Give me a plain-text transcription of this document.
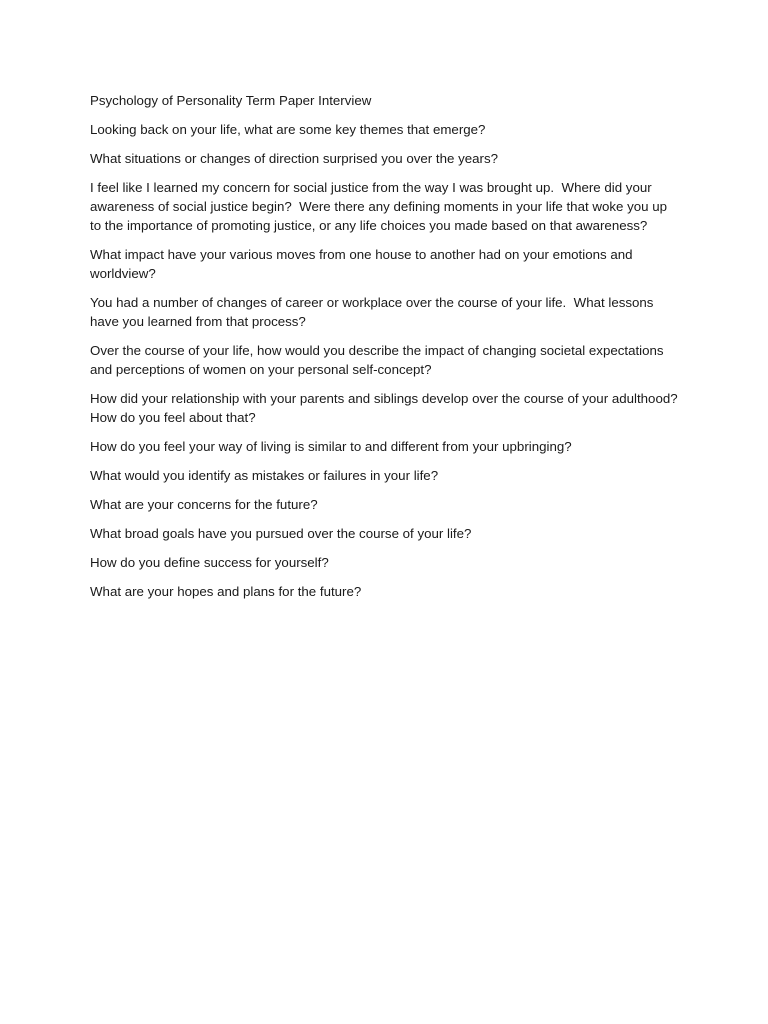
Psychology of Personality Term Paper Interview

Looking back on your life, what are some key themes that emerge?

What situations or changes of direction surprised you over the years?

I feel like I learned my concern for social justice from the way I was brought up.  Where did your awareness of social justice begin?  Were there any defining moments in your life that woke you up to the importance of promoting justice, or any life choices you made based on that awareness?

What impact have your various moves from one house to another had on your emotions and worldview?

You had a number of changes of career or workplace over the course of your life.  What lessons have you learned from that process?

Over the course of your life, how would you describe the impact of changing societal expectations and perceptions of women on your personal self-concept?

How did your relationship with your parents and siblings develop over the course of your adulthood?  How do you feel about that?

How do you feel your way of living is similar to and different from your upbringing?

What would you identify as mistakes or failures in your life?

What are your concerns for the future?

What broad goals have you pursued over the course of your life?

How do you define success for yourself?

What are your hopes and plans for the future?
